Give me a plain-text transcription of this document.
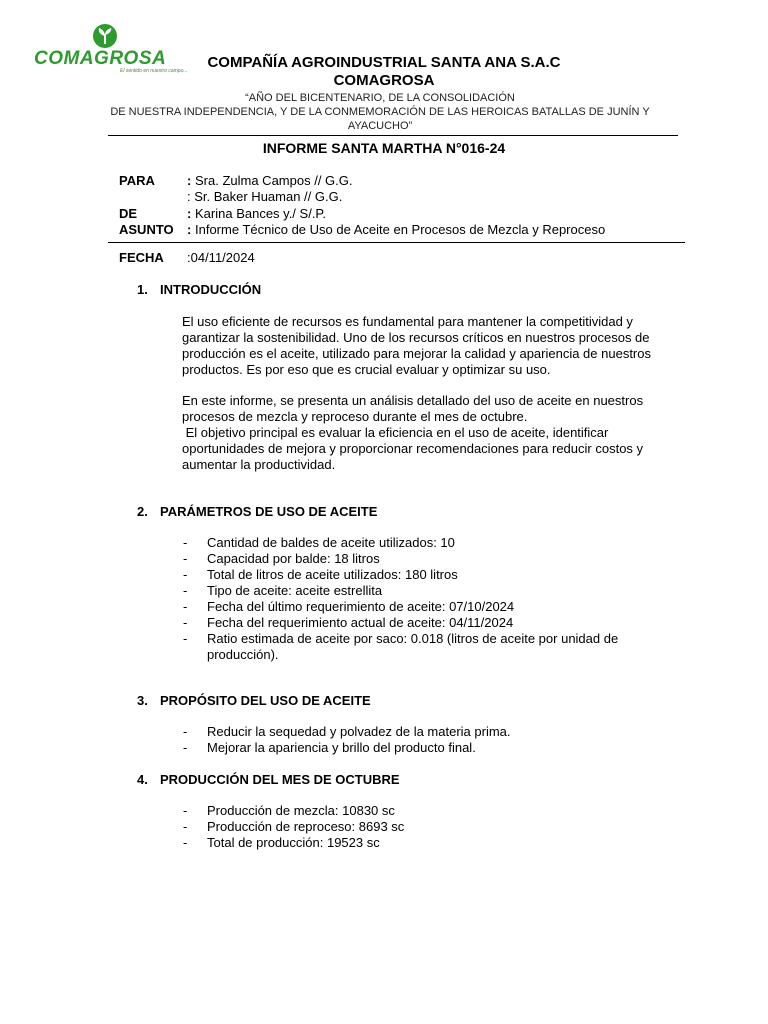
COMAGROSA
El sentido en nuestro campo...	COMPAÑÍA AGROINDUSTRIAL SANTA ANA S.A.C
COMAGROSA
“AÑO DEL BICENTENARIO, DE LA CONSOLIDACIÓN
DE NUESTRA INDEPENDENCIA, Y DE LA CONMEMORACIÓN DE LAS HEROICAS BATALLAS DE JUNÍN Y
AYACUCHO”
INFORME SANTA MARTHA N°016-24
PARA : Sra. Zulma Campos // G.G.
: Sr. Baker Huaman // G.G.
DE	: Karina Bances y./ S/.P.
ASUNTO : Informe Técnico de Uso de Aceite en Procesos de Mezcla y Reproceso
FECHA :04/11/2024
1. INTRODUCCIÓN

El uso eficiente de recursos es fundamental para mantener la competitividad y

garantizar la sostenibilidad. Uno de los recursos críticos en nuestros procesos de

producción es el aceite, utilizado para mejorar la calidad y apariencia de nuestros

productos. Es por eso que es crucial evaluar y optimizar su uso.

En este informe, se presenta un análisis detallado del uso de aceite en nuestros

procesos de mezcla y reproceso durante el mes de octubre.

El objetivo principal es evaluar la eficiencia en el uso de aceite, identificar

oportunidades de mejora y proporcionar recomendaciones para reducir costos y

aumentar la productividad.

2. PARÁMETROS DE USO DE ACEITE
- Cantidad de baldes de aceite utilizados: 10
- Capacidad por balde: 18 litros
- Total de litros de aceite utilizados: 180 litros
- Tipo de aceite: aceite estrellita
- Fecha del último requerimiento de aceite: 07/10/2024
- Fecha del requerimiento actual de aceite: 04/11/2024
- Ratio estimada de aceite por saco: 0.018 (litros de aceite por unidad de
producción).
3. PROPÓSITO DEL USO DE ACEITE
- Reducir la sequedad y polvadez de la materia prima.
- Mejorar la apariencia y brillo del producto final.
4. PRODUCCIÓN DEL MES DE OCTUBRE
- Producción de mezcla: 10830 sc
- Producción de reproceso: 8693 sc
- Total de producción: 19523 sc
